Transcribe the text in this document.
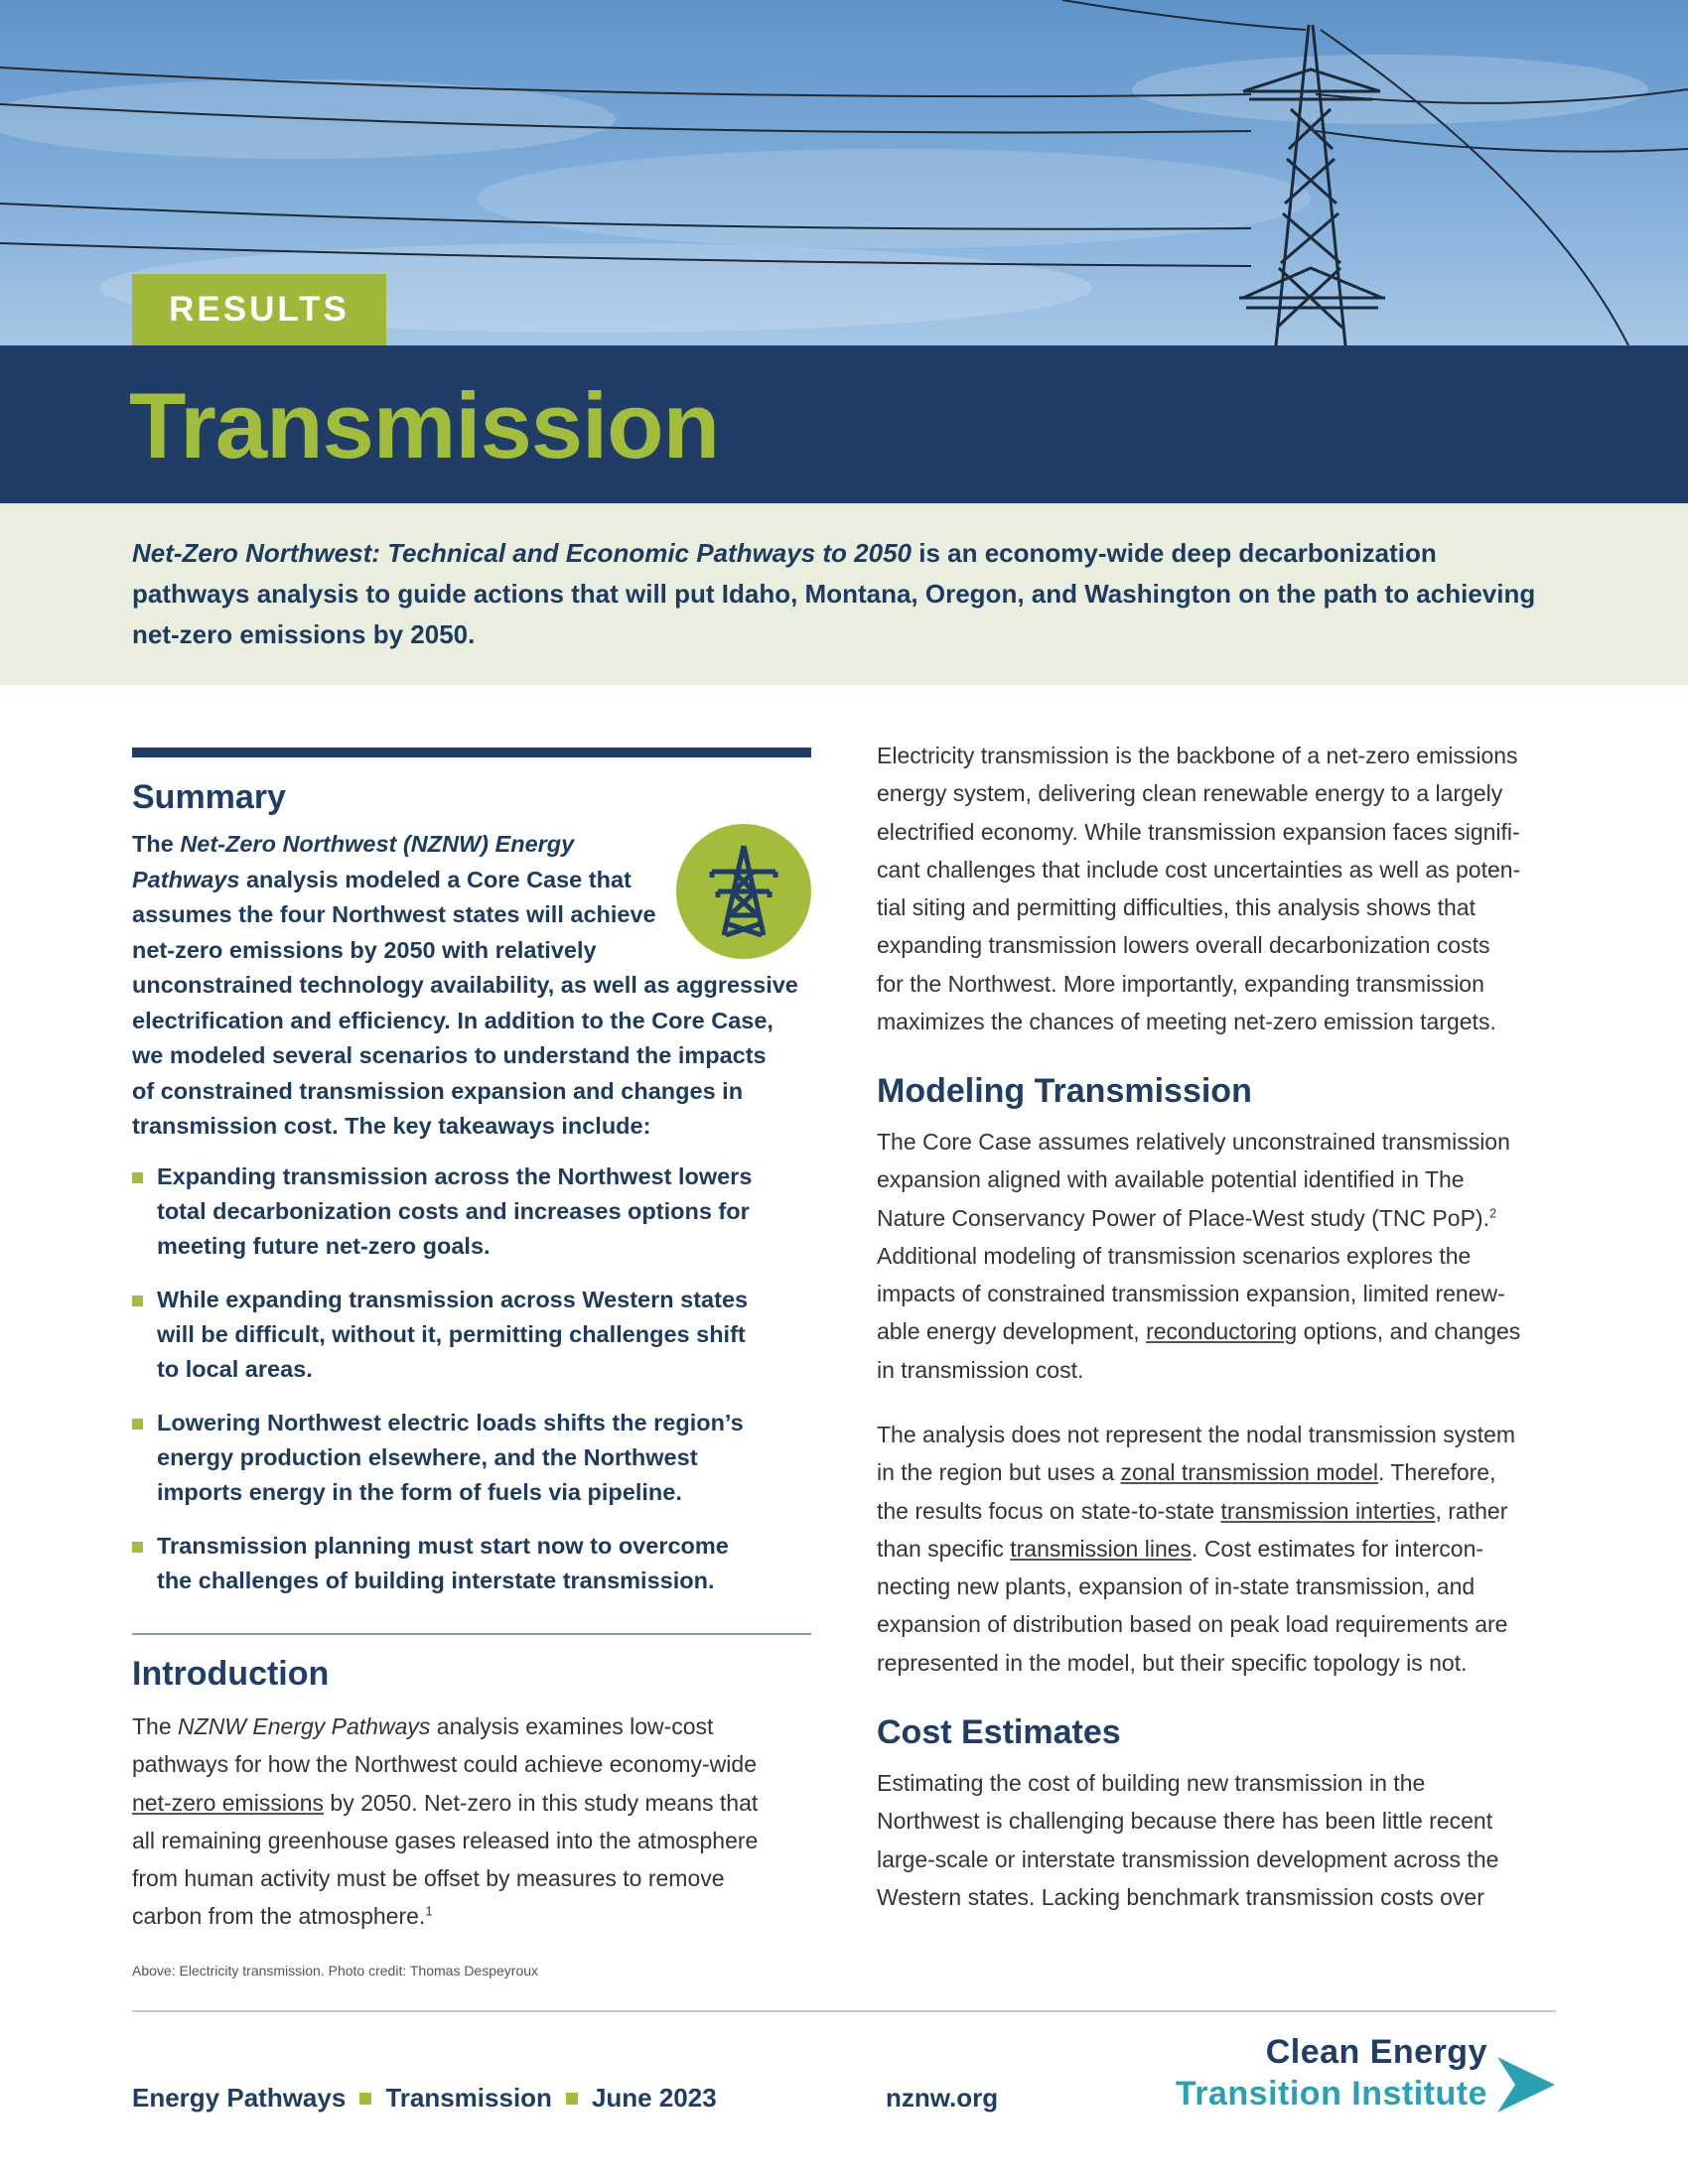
RESULTS
Transmission
Net-Zero Northwest: Technical and Economic Pathways to 2050 is an economy-wide deep decarbonization
pathways analysis to guide actions that will put Idaho, Montana, Oregon, and Washington on the path to achieving
net-zero emissions by 2050.
Summary
The Net-Zero Northwest (NZNW) Energy
Pathways analysis modeled a Core Case that
assumes the four Northwest states will achieve
net-zero emissions by 2050 with relatively
unconstrained technology availability, as well as aggressive
electrification and efficiency. In addition to the Core Case,
we modeled several scenarios to understand the impacts
of constrained transmission expansion and changes in
transmission cost. The key takeaways include:
Expanding transmission across the Northwest lowers
total decarbonization costs and increases options for
meeting future net-zero goals.
While expanding transmission across Western states
will be difficult, without it, permitting challenges shift
to local areas.
Lowering Northwest electric loads shifts the region’s
energy production elsewhere, and the Northwest
imports energy in the form of fuels via pipeline.
Transmission planning must start now to overcome
the challenges of building interstate transmission.
Introduction
The NZNW Energy Pathways analysis examines low-cost
pathways for how the Northwest could achieve economy-wide
net-zero emissions by 2050. Net-zero in this study means that
all remaining greenhouse gases released into the atmosphere
from human activity must be offset by measures to remove
carbon from the atmosphere.$^1$
Above: Electricity transmission. Photo credit: Thomas Despeyroux
Electricity transmission is the backbone of a net-zero emissions
energy system, delivering clean renewable energy to a largely
electrified economy. While transmission expansion faces signifi-
cant challenges that include cost uncertainties as well as poten-
tial siting and permitting difficulties, this analysis shows that
expanding transmission lowers overall decarbonization costs
for the Northwest. More importantly, expanding transmission
maximizes the chances of meeting net-zero emission targets.
Modeling Transmission
The Core Case assumes relatively unconstrained transmission
expansion aligned with available potential identified in The
Nature Conservancy Power of Place-West study (TNC PoP).$^2$
Additional modeling of transmission scenarios explores the
impacts of constrained transmission expansion, limited renew-
able energy development, reconductoring options, and changes
in transmission cost.
The analysis does not represent the nodal transmission system
in the region but uses a zonal transmission model. Therefore,
the results focus on state-to-state transmission interties, rather
than specific transmission lines. Cost estimates for intercon-
necting new plants, expansion of in-state transmission, and
expansion of distribution based on peak load requirements are
represented in the model, but their specific topology is not.
Cost Estimates
Estimating the cost of building new transmission in the
Northwest is challenging because there has been little recent
large-scale or interstate transmission development across the
Western states. Lacking benchmark transmission costs over
Energy Pathways Transmission June 2023	nznw.org
Clean Energy
Transition Institute
